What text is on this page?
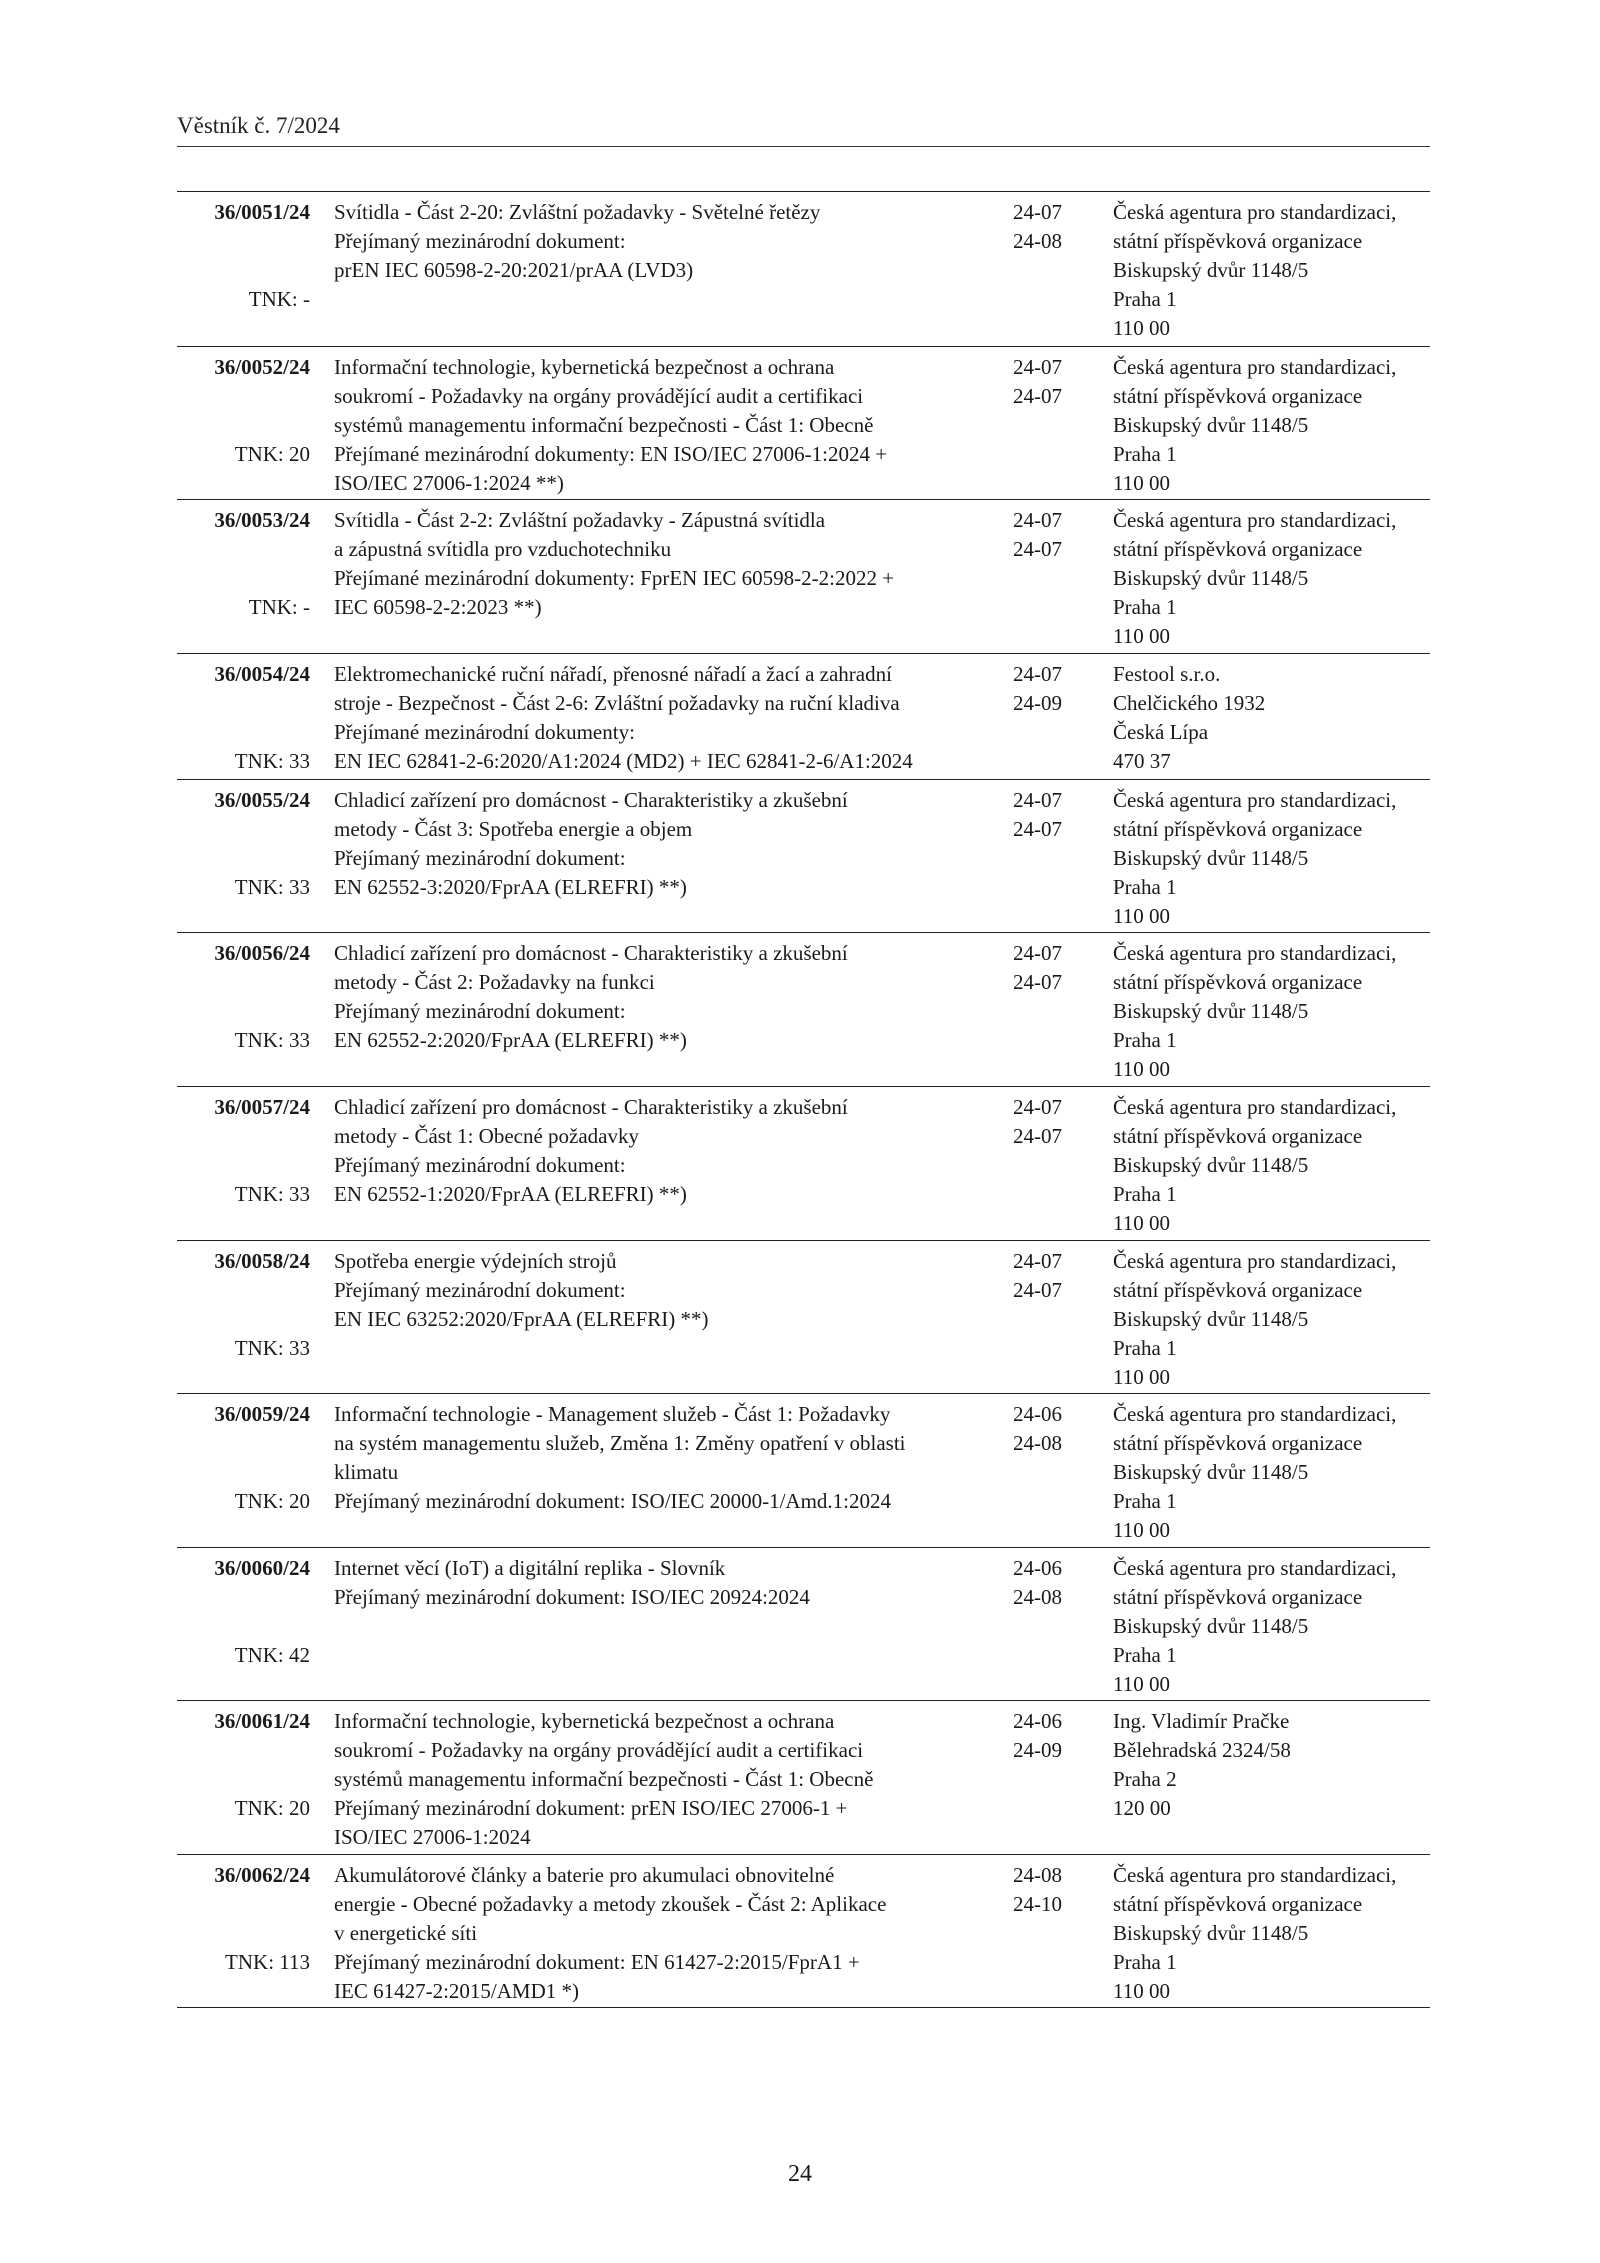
Věstník č. 7/2024
36/0051/24
TNK: -
Svítidla - Část 2-20: Zvláštní požadavky - Světelné řetězy
Přejímaný mezinárodní dokument:
prEN IEC 60598-2-20:2021/prAA (LVD3)
24-07
24-08
Česká agentura pro standardizaci,
státní příspěvková organizace
Biskupský dvůr 1148/5
Praha 1
110 00
36/0052/24
TNK: 20
Informační technologie, kybernetická bezpečnost a ochrana
soukromí - Požadavky na orgány provádějící audit a certifikaci
systémů managementu informační bezpečnosti - Část 1: Obecně
Přejímané mezinárodní dokumenty: EN ISO/IEC 27006-1:2024 +
ISO/IEC 27006-1:2024 **)
24-07
24-07
Česká agentura pro standardizaci,
státní příspěvková organizace
Biskupský dvůr 1148/5
Praha 1
110 00
36/0053/24
TNK: -
Svítidla - Část 2-2: Zvláštní požadavky - Zápustná svítidla
a zápustná svítidla pro vzduchotechniku
Přejímané mezinárodní dokumenty: FprEN IEC 60598-2-2:2022 +
IEC 60598-2-2:2023 **)
24-07
24-07
Česká agentura pro standardizaci,
státní příspěvková organizace
Biskupský dvůr 1148/5
Praha 1
110 00
36/0054/24
TNK: 33
Elektromechanické ruční nářadí, přenosné nářadí a žací a zahradní
stroje - Bezpečnost - Část 2-6: Zvláštní požadavky na ruční kladiva
Přejímané mezinárodní dokumenty:
EN IEC 62841-2-6:2020/A1:2024 (MD2) + IEC 62841-2-6/A1:2024
24-07
24-09
Festool s.r.o.
Chelčického 1932
Česká Lípa
470 37
36/0055/24
TNK: 33
Chladicí zařízení pro domácnost - Charakteristiky a zkušební
metody - Část 3: Spotřeba energie a objem
Přejímaný mezinárodní dokument:
EN 62552-3:2020/FprAA (ELREFRI) **)
24-07
24-07
Česká agentura pro standardizaci,
státní příspěvková organizace
Biskupský dvůr 1148/5
Praha 1
110 00
36/0056/24
TNK: 33
Chladicí zařízení pro domácnost - Charakteristiky a zkušební
metody - Část 2: Požadavky na funkci
Přejímaný mezinárodní dokument:
EN 62552-2:2020/FprAA (ELREFRI) **)
24-07
24-07
Česká agentura pro standardizaci,
státní příspěvková organizace
Biskupský dvůr 1148/5
Praha 1
110 00
36/0057/24
TNK: 33
Chladicí zařízení pro domácnost - Charakteristiky a zkušební
metody - Část 1: Obecné požadavky
Přejímaný mezinárodní dokument:
EN 62552-1:2020/FprAA (ELREFRI) **)
24-07
24-07
Česká agentura pro standardizaci,
státní příspěvková organizace
Biskupský dvůr 1148/5
Praha 1
110 00
36/0058/24
TNK: 33
Spotřeba energie výdejních strojů
Přejímaný mezinárodní dokument:
EN IEC 63252:2020/FprAA (ELREFRI) **)
24-07
24-07
Česká agentura pro standardizaci,
státní příspěvková organizace
Biskupský dvůr 1148/5
Praha 1
110 00
36/0059/24
TNK: 20
Informační technologie - Management služeb - Část 1: Požadavky
na systém managementu služeb, Změna 1: Změny opatření v oblasti
klimatu
Přejímaný mezinárodní dokument: ISO/IEC 20000-1/Amd.1:2024
24-06
24-08
Česká agentura pro standardizaci,
státní příspěvková organizace
Biskupský dvůr 1148/5
Praha 1
110 00
36/0060/24
TNK: 42
Internet věcí (IoT) a digitální replika - Slovník
Přejímaný mezinárodní dokument: ISO/IEC 20924:2024
24-06
24-08
Česká agentura pro standardizaci,
státní příspěvková organizace
Biskupský dvůr 1148/5
Praha 1
110 00
36/0061/24
TNK: 20
Informační technologie, kybernetická bezpečnost a ochrana
soukromí - Požadavky na orgány provádějící audit a certifikaci
systémů managementu informační bezpečnosti - Část 1: Obecně
Přejímaný mezinárodní dokument: prEN ISO/IEC 27006-1 +
ISO/IEC 27006-1:2024
24-06
24-09
Ing. Vladimír Pračke
Bělehradská 2324/58
Praha 2
120 00
36/0062/24
TNK: 113
Akumulátorové články a baterie pro akumulaci obnovitelné
energie - Obecné požadavky a metody zkoušek - Část 2: Aplikace
v energetické síti
Přejímaný mezinárodní dokument: EN 61427-2:2015/FprA1 +
IEC 61427-2:2015/AMD1 *)
24-08
24-10
Česká agentura pro standardizaci,
státní příspěvková organizace
Biskupský dvůr 1148/5
Praha 1
110 00
24
